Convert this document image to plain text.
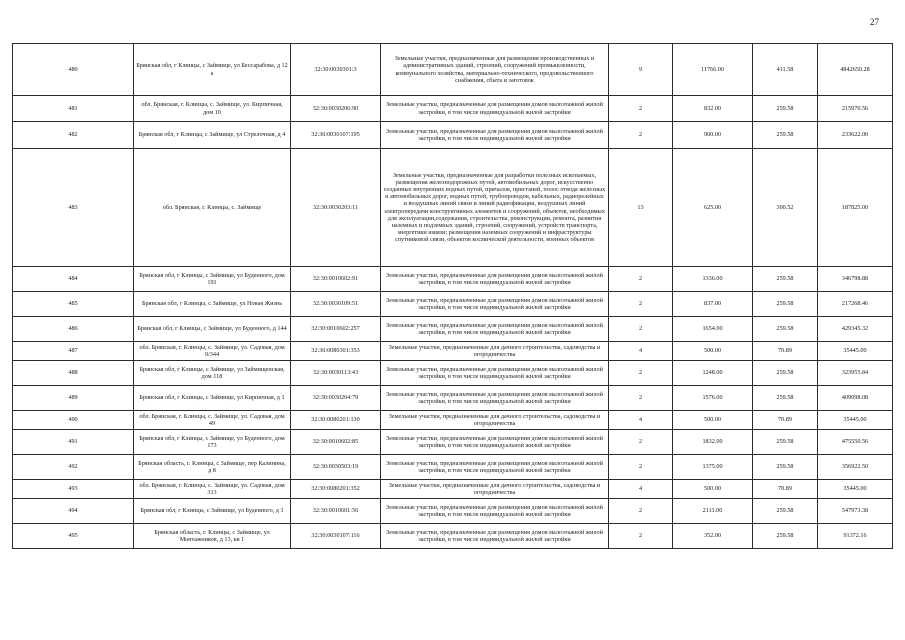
27
480	Брянская обл, г Клинцы, с Займище, ул Бессарабова, д 12 а	32:30:0030301:3	Земельные участки, предназначенные для размещения производственных и административных зданий, строений, сооружений промышленности, коммунального хозяйства, материально-технического, продовольственного снабжения, сбыта и заготовок	9	11766.00	411.58	4842650.28
481	обл. Брянская, г. Клинцы, с. Займище, ул. Кирпичная, дом 10	32:30:0030206:90	Земельные участки, предназначенные для размещения домов малоэтажной жилой застройки, в том числе индивидуальной жилой застройки	2	832.00	259.58	215970.56
482	Брянская обл, г Клинцы, с Займище, ул Стрелочная, д 4	32:30:0030107:195	Земельные участки, предназначенные для размещения домов малоэтажной жилой застройки, в том числе индивидуальной жилой застройки	2	900.00	259.58	233622.00
483	обл. Брянская, г. Клинцы, с. Займище	32:30:0030203:11	Земельные участки, предназначенные для разработки полезных ископаемых, размещения железнодорожных путей, автомобильных дорог, искусственно созданных внутренних водных путей, причалов, пристаней, полос отвода железных и автомобильных дорог, водных путей, трубопроводов, кабельных, радиорелейных и воздушных линий связи и линий радиофикации, воздушных линий электропередачи конструктивных элементов и сооружений, объектов, необходимых для эксплуатации,содержания, строительства, реконструкции, ремонта, развития наземных и подземных зданий, строений, сооружений, устройств транспорта, энергетики иsвязи; размещения наземных сооружений и инфраструктуры спутниковой связи, объектов космической деятельности, военных объектов	13	625.00	300.52	187825.00
484	Брянская обл, г Клинцы, с Займище, ул Буденного, дом 191	32:30:0010602:91	Земельные участки, предназначенные для размещения домов малоэтажной жилой застройки, в том числе индивидуальной жилой застройки	2	1336.00	259.58	346798.88
485	Брянская обл, г Клинцы, с Займище, ул Новая Жизнь	32:30:0030109:51	Земельные участки, предназначенные для размещения домов малоэтажной жилой застройки, в том числе индивидуальной жилой застройки	2	837.00	259.58	217268.46
486	Брянская обл, г Клинцы, с Займище, ул Буденного, д 144	32:30:0010602:257	Земельные участки, предназначенные для размещения домов малоэтажной жилой застройки, в том числе индивидуальной жилой застройки	2	1654.00	259.58	429345.32
487	обл. Брянская, г. Клинцы, с. Займище, ул. Садовая, дом 9/344	32:30:0080301:353	Земельные участки, предназначенные для дачного строительства, садоводства и огородничества	4	500.00	70.89	35445.00
488	Брянская обл, г Клинцы, с Займище, ул Займищенская, дом 118	32:30:0030113:43	Земельные участки, предназначенные для размещения домов малоэтажной жилой застройки, в том числе индивидуальной жилой застройки	2	1248.00	259.58	323955.84
489	Брянская обл, г Клинцы, с Займище, ул Кирпичная, д 1	32:30:0030204:79	Земельные участки, предназначенные для размещения домов малоэтажной жилой застройки, в том числе индивидуальной жилой застройки	2	1576.00	259.58	409098.08
490	обл. Брянская, г. Клинцы, с. Займище, ул. Садовая, дом 49	32:30:0080201:130	Земельные участки, предназначенные для дачного строительства, садоводства и огородничества	4	500.00	70.89	35445.00
491	Брянская обл, г Клинцы, с Займище, ул Буденного, дом 173	32:30:0010602:85	Земельные участки, предназначенные для размещения домов малоэтажной жилой застройки, в том числе индивидуальной жилой застройки	2	1832.00	259.58	475550.56
492	Брянская область, г. Клинцы, с Займище, пер Калинина, д 8	32:30:0030503:19	Земельные участки, предназначенные для размещения домов малоэтажной жилой застройки, в том числе индивидуальной жилой застройки	2	1375.00	259.58	356922.50
493	обл. Брянская, г. Клинцы, с. Займище, ул. Садовая, дом 313	32:30:0080201:352	Земельные участки, предназначенные для дачного строительства, садоводства и огородничества	4	500.00	70.89	35445.00
494	Брянская обл, г Клинцы, с Займище, ул Буденного, д 1	32:30:0010601:56	Земельные участки, предназначенные для размещения домов малоэтажной жилой застройки, в том числе индивидуальной жилой застройки	2	2111.00	259.58	547973.38
495	Брянская область, г. Клинцы, с Займище, ул Монтажников, д 13, кв 1	32:30:0030107:116	Земельные участки, предназначенные для размещения домов малоэтажной жилой застройки, в том числе индивидуальной жилой застройки	2	352.00	259.58	91372.16
